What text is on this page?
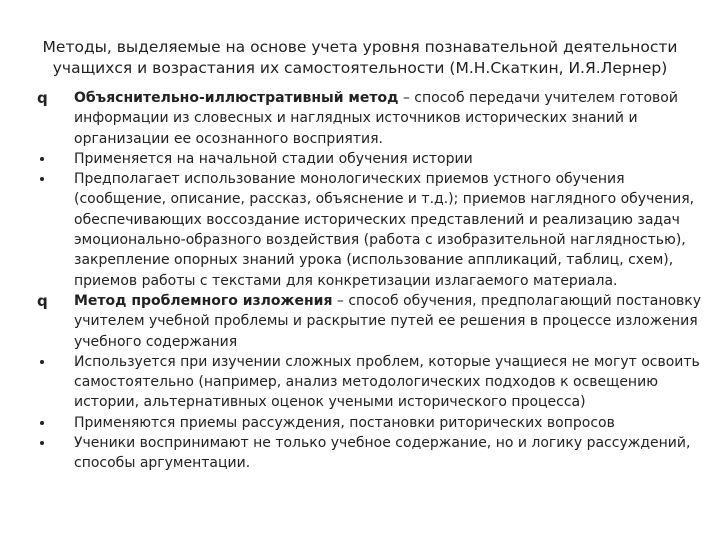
Методы, выделяемые на основе учета уровня познавательной деятельности
учащихся и возрастания их самостоятельности (М.Н.Скаткин, И.Я.Лернер)
q	Объяснительно-иллюстративный метод – способ передачи учителем готовой
информации из словесных и наглядных источников исторических знаний и
организации ее осознанного восприятия.
Применяется на начальной стадии обучения истории
Предполагает использование монологических приемов устного обучения
(сообщение, описание, рассказ, объяснение и т.д.); приемов наглядного обучения,
обеспечивающих воссоздание исторических представлений и реализацию задач
эмоционально-образного воздействия (работа с изобразительной наглядностью),
закрепление опорных знаний урока (использование аппликаций, таблиц, схем),
приемов работы с текстами для конкретизации излагаемого материала.
q	Метод проблемного изложения – способ обучения, предполагающий постановку
учителем учебной проблемы и раскрытие путей ее решения в процессе изложения
учебного содержания
Используется при изучении сложных проблем, которые учащиеся не могут освоить
самостоятельно (например, анализ методологических подходов к освещению
истории, альтернативных оценок учеными исторического процесса)
Применяются приемы рассуждения, постановки риторических вопросов
Ученики воспринимают не только учебное содержание, но и логику рассуждений,
способы аргументации.
